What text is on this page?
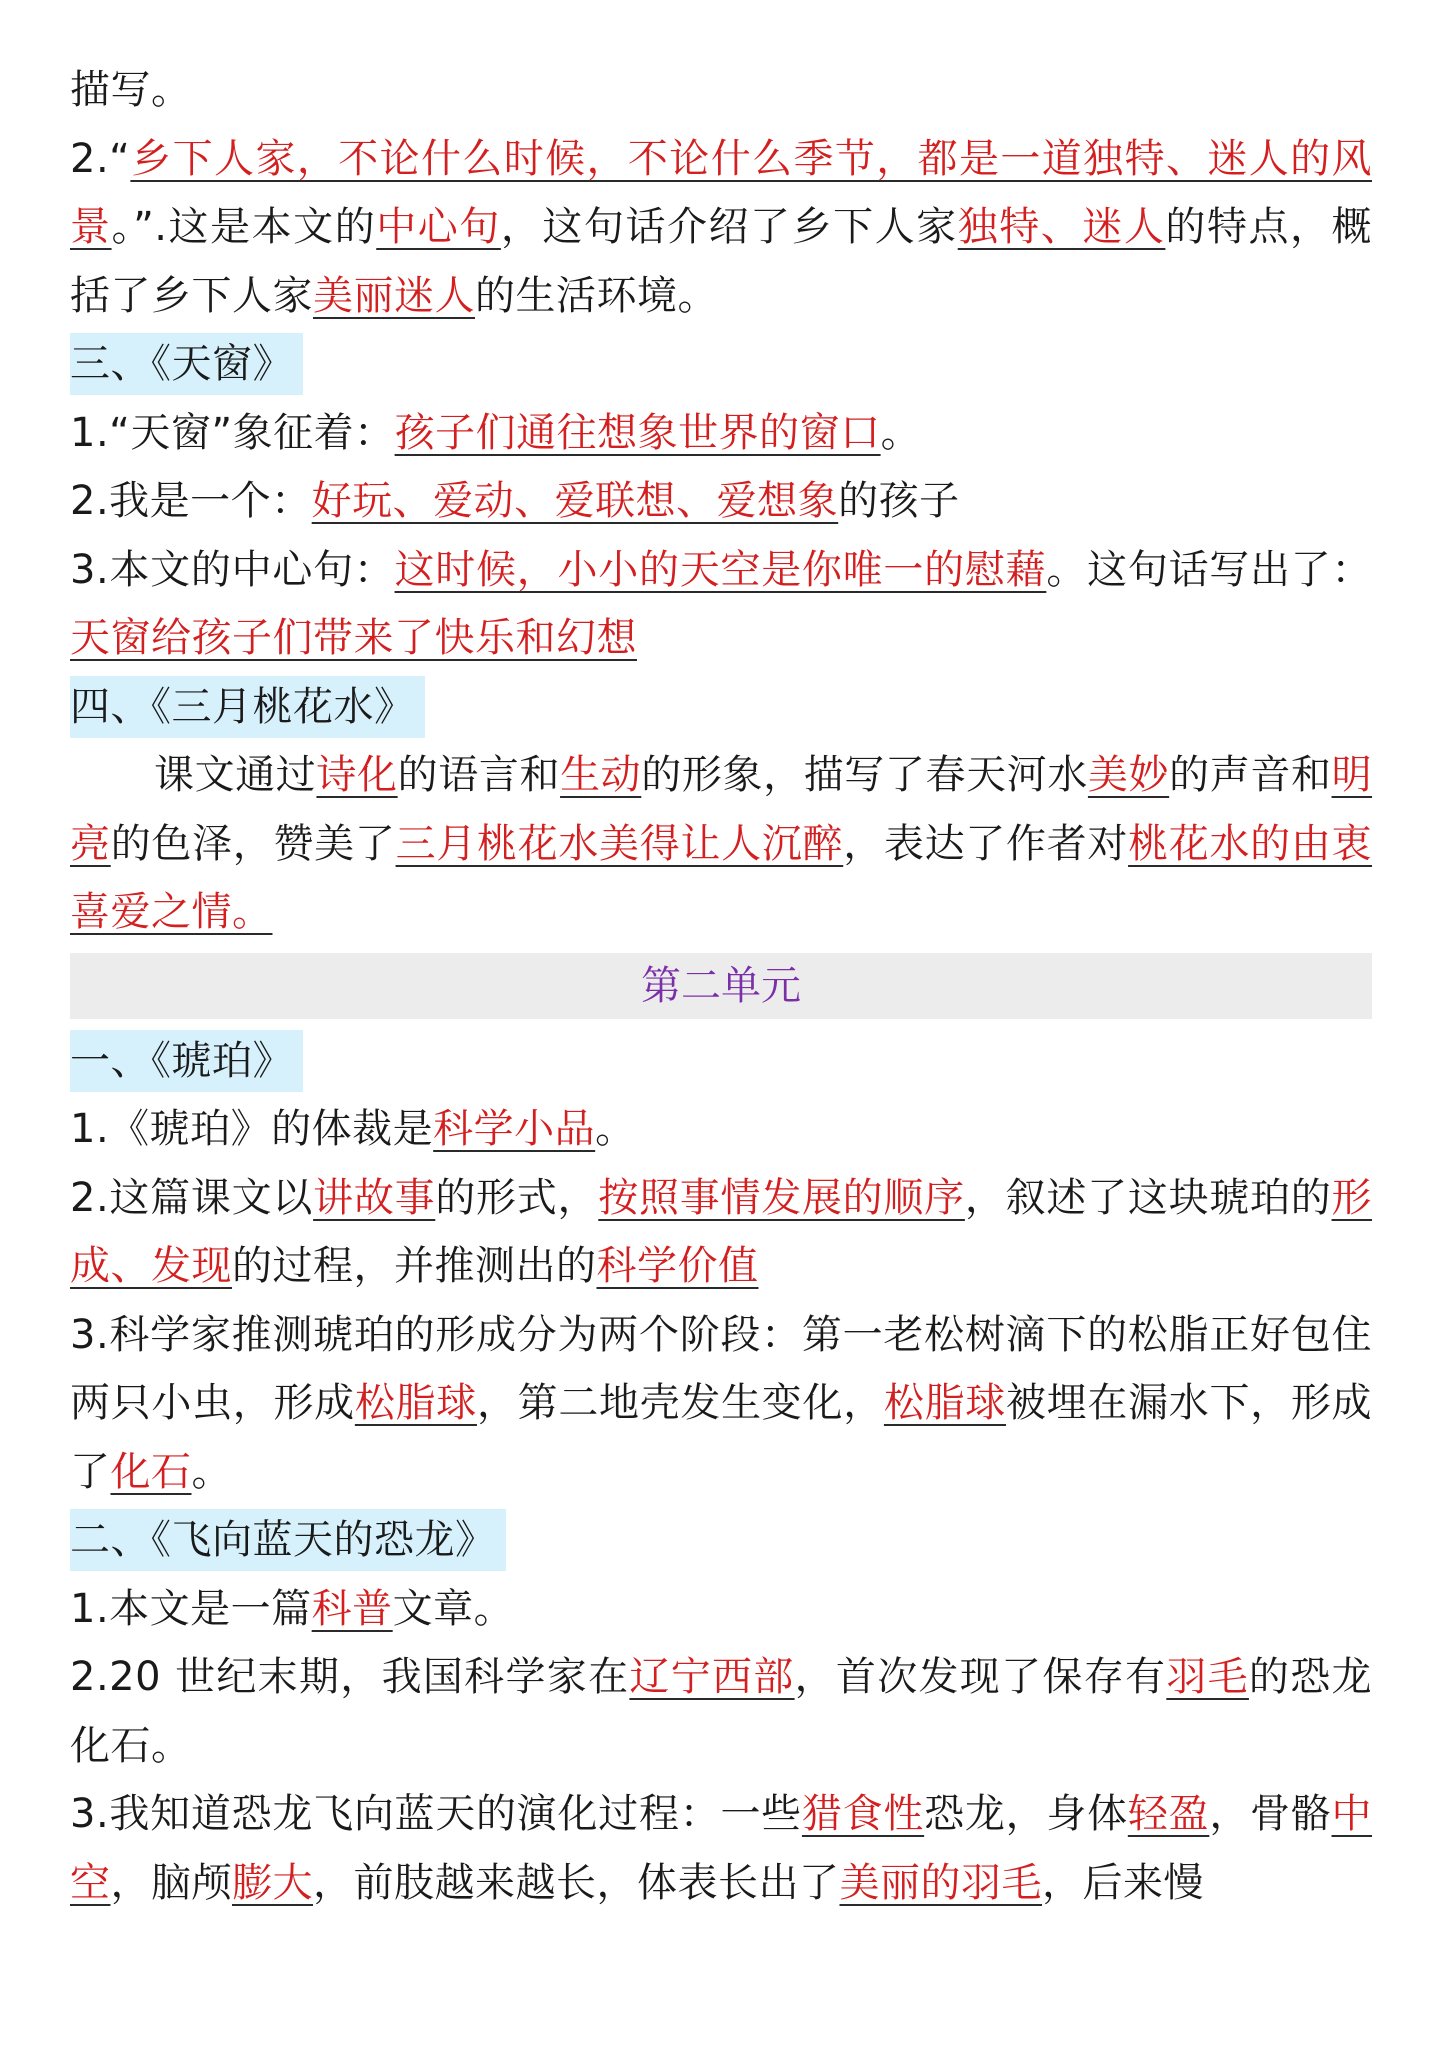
描写。

2.“乡下人家，不论什么时候，不论什么季节，都是一道独特、迷人的风景。”.这是本文的中心句，这句话介绍了乡下人家独特、迷人的特点，概括了乡下人家美丽迷人的生活环境。

三、《天窗》

1.“天窗”象征着：孩子们通往想象世界的窗口。

2.我是一个：好玩、爱动、爱联想、爱想象的孩子

3.本文的中心句：这时候，小小的天空是你唯一的慰藉。这句话写出了：天窗给孩子们带来了快乐和幻想

四、《三月桃花水》

课文通过诗化的语言和生动的形象，描写了春天河水美妙的声音和明亮的色泽，赞美了三月桃花水美得让人沉醉，表达了作者对桃花水的由衷喜爱之情。

第二单元

一、《琥珀》

1.《琥珀》的体裁是科学小品。

2.这篇课文以讲故事的形式，按照事情发展的顺序，叙述了这块琥珀的形成、发现的过程，并推测出的科学价值

3.科学家推测琥珀的形成分为两个阶段：第一老松树滴下的松脂正好包住两只小虫，形成松脂球，第二地壳发生变化，松脂球被埋在漏水下，形成了化石。

二、《飞向蓝天的恐龙》

1.本文是一篇科普文章。

2.20 世纪末期，我国科学家在辽宁西部，首次发现了保存有羽毛的恐龙化石。

3.我知道恐龙飞向蓝天的演化过程：一些猎食性恐龙，身体轻盈，骨骼中空，脑颅膨大，前肢越来越长，体表长出了美丽的羽毛，后来慢
